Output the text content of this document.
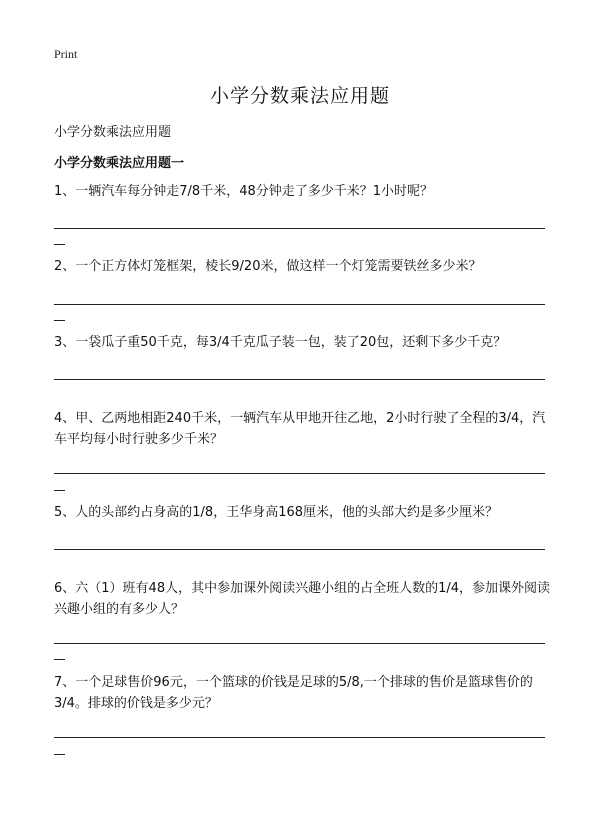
Print
小学分数乘法应用题
小学分数乘法应用题
小学分数乘法应用题一
1、一辆汽车每分钟走7/8千米，48分钟走了多少千米？1小时呢？
2、一个正方体灯笼框架，棱长9/20米，做这样一个灯笼需要铁丝多少米？
3、一袋瓜子重50千克，每3/4千克瓜子装一包，装了20包，还剩下多少千克？
4、甲、乙两地相距240千米，一辆汽车从甲地开往乙地，2小时行驶了全程的3/4，汽车平均每小时行驶多少千米？
5、人的头部约占身高的1/8，王华身高168厘米，他的头部大约是多少厘米？
6、六（1）班有48人，其中参加课外阅读兴趣小组的占全班人数的1/4，参加课外阅读兴趣小组的有多少人？
7、一个足球售价96元，一个篮球的价钱是足球的5/8,一个排球的售价是篮球售价的3/4。排球的价钱是多少元？
